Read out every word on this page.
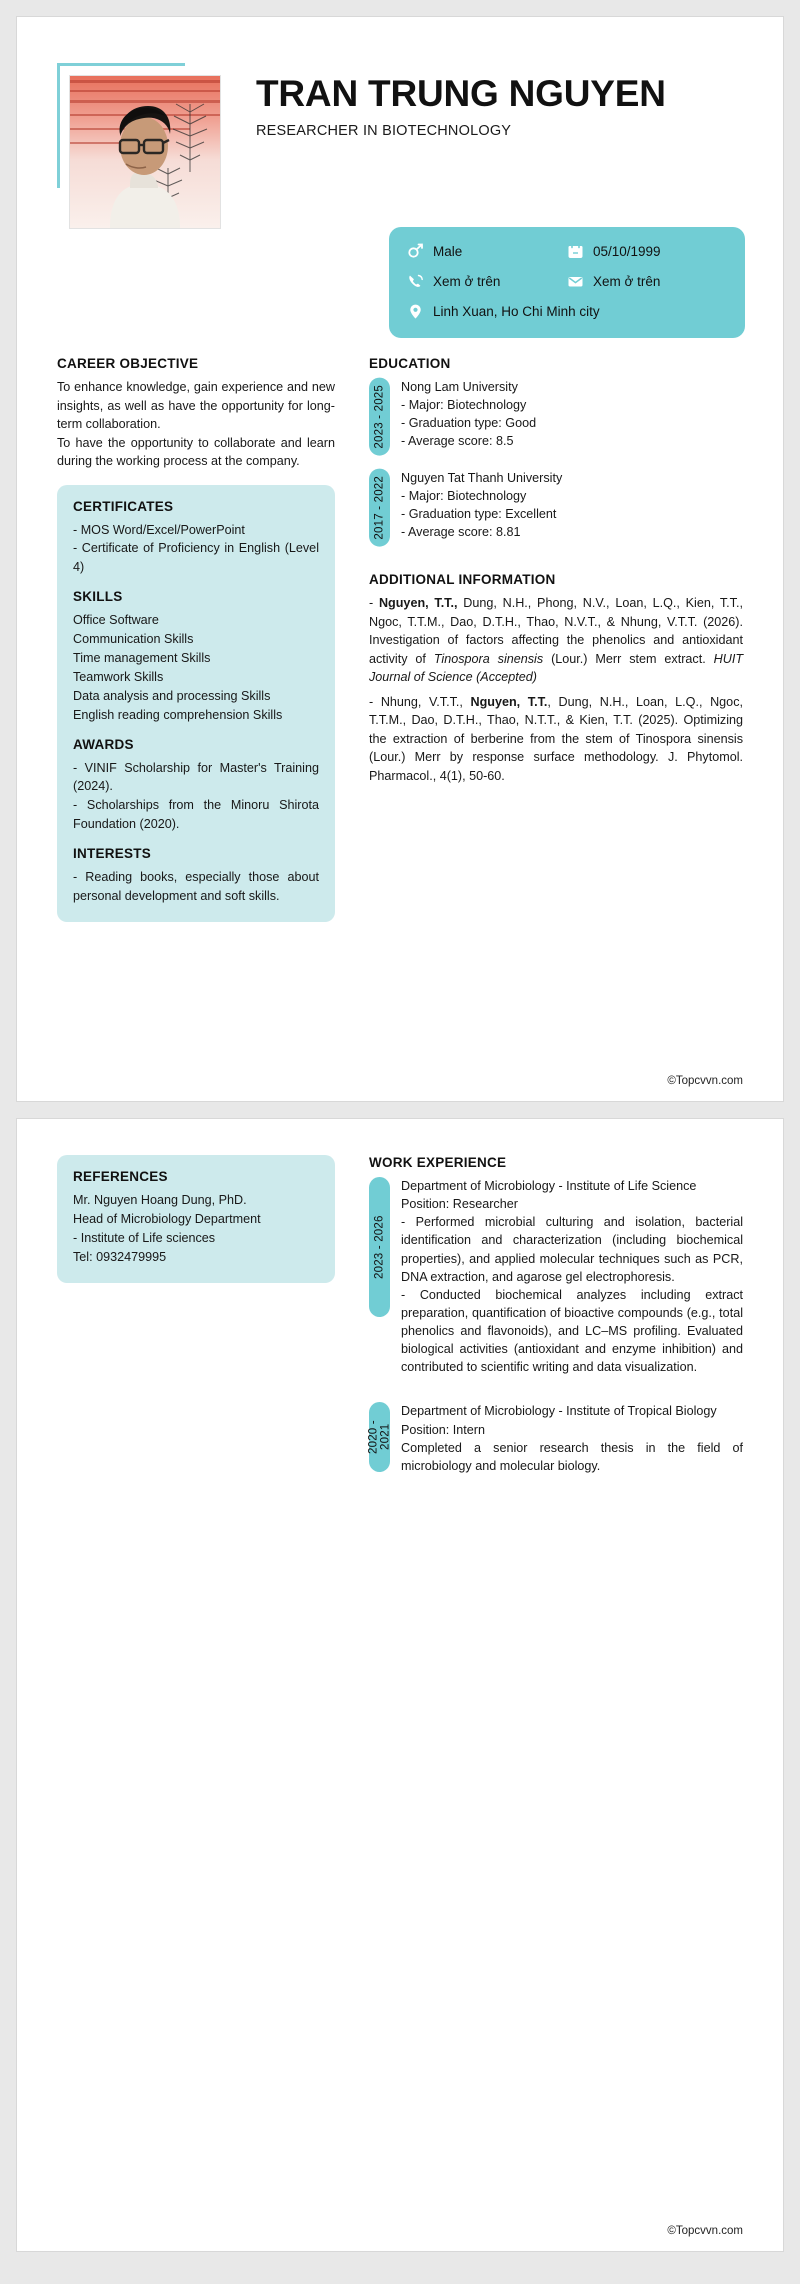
TRAN TRUNG NGUYEN
RESEARCHER IN BIOTECHNOLOGY
Male	05/10/1999
Xem ở trên	Xem ở trên
Linh Xuan, Ho Chi Minh city
CAREER OBJECTIVE

To enhance knowledge, gain experience and new insights, as well as have the opportunity for long-term collaboration.

To have the opportunity to collaborate and learn during the working process at the company.

CERTIFICATES
- MOS Word/Excel/PowerPoint
- Certificate of Proficiency in English (Level 4)
SKILLS
Office Software
Communication Skills
Time management Skills
Teamwork Skills
Data analysis and processing Skills
English reading comprehension Skills
AWARDS
- VINIF Scholarship for Master's Training (2024).
- Scholarships from the Minoru Shirota Foundation (2020).
INTERESTS
- Reading books, especially those about personal development and soft skills.
EDUCATION
2023 - 2025	Nong Lam University
- Major: Biotechnology
- Graduation type: Good
- Average score: 8.5
2017 - 2022	Nguyen Tat Thanh University
- Major: Biotechnology
- Graduation type: Excellent
- Average score: 8.81
ADDITIONAL INFORMATION

- Nguyen, T.T., Dung, N.H., Phong, N.V., Loan, L.Q., Kien, T.T., Ngoc, T.T.M., Dao, D.T.H., Thao, N.V.T., & Nhung, V.T.T. (2026). Investigation of factors affecting the phenolics and antioxidant activity of Tinospora sinensis (Lour.) Merr stem extract. HUIT Journal of Science (Accepted)

- Nhung, V.T.T., Nguyen, T.T., Dung, N.H., Loan, L.Q., Ngoc, T.T.M., Dao, D.T.H., Thao, N.T.T., & Kien, T.T. (2025). Optimizing the extraction of berberine from the stem of Tinospora sinensis (Lour.) Merr by response surface methodology. J. Phytomol. Pharmacol., 4(1), 50-60.

©Topcvvn.com
REFERENCES
Mr. Nguyen Hoang Dung, PhD.
Head of Microbiology Department
- Institute of Life sciences
Tel: 0932479995
WORK EXPERIENCE
2023 - 2026
Department of Microbiology - Institute of Life Science
Position: Researcher
- Performed microbial culturing and isolation, bacterial identification and characterization (including biochemical properties), and applied molecular techniques such as PCR, DNA extraction, and agarose gel electrophoresis.
- Conducted biochemical analyzes including extract preparation, quantification of bioactive compounds (e.g., total phenolics and flavonoids), and LC–MS profiling. Evaluated biological activities (antioxidant and enzyme inhibition) and contributed to scientific writing and data visualization.
2020 - 2021
Department of Microbiology - Institute of Tropical Biology
Position: Intern
Completed a senior research thesis in the field of microbiology and molecular biology.
©Topcvvn.com
